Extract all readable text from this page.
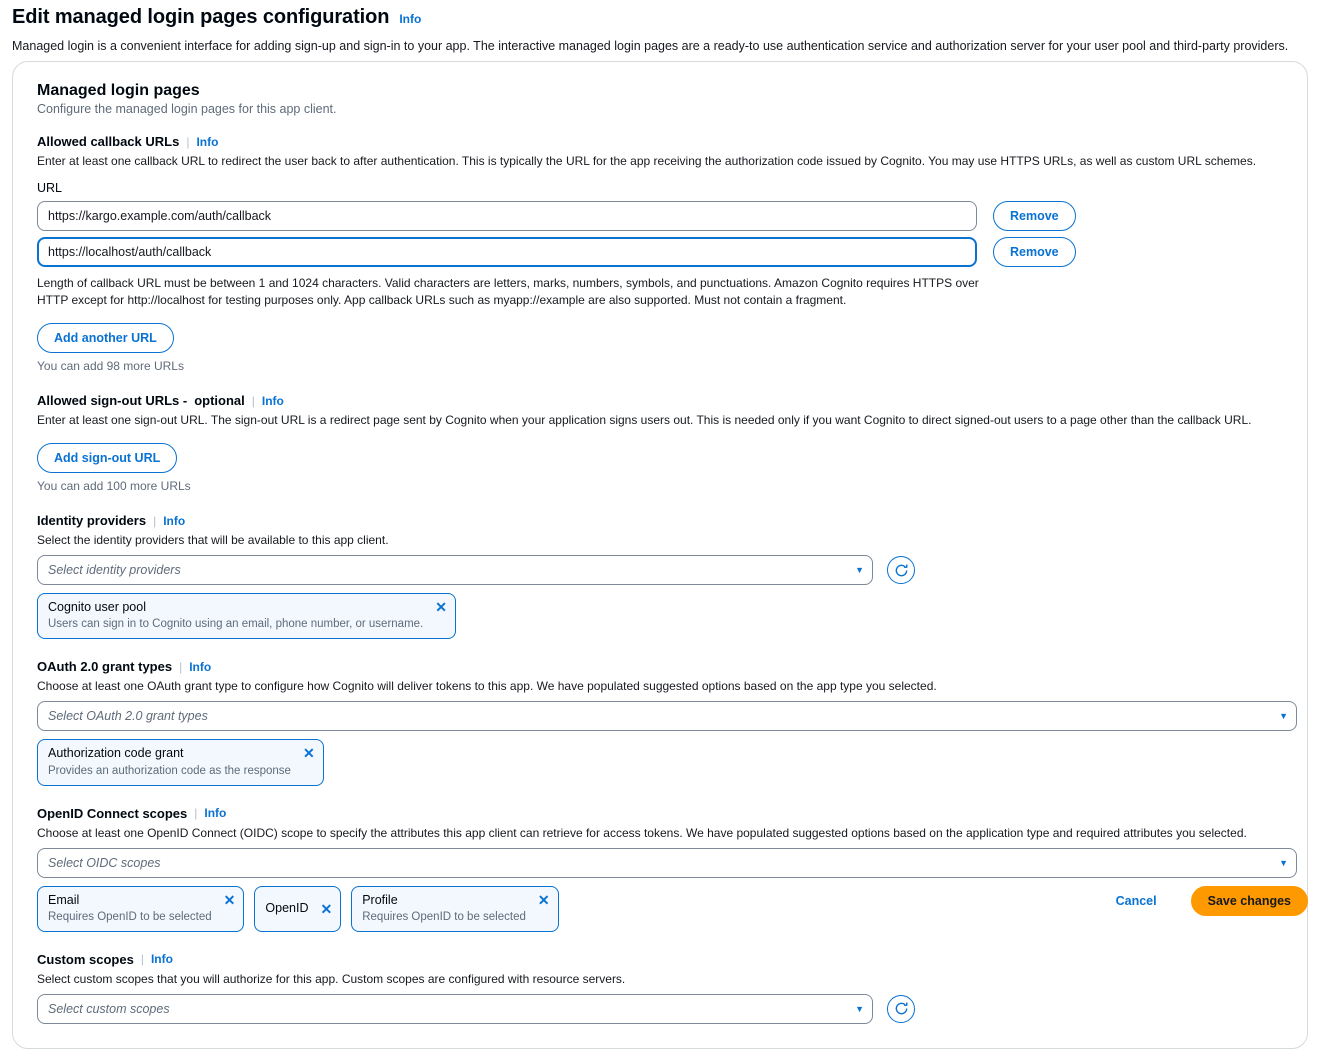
Edit managed login pages configuration Info
Managed login is a convenient interface for adding sign-up and sign-in to your app. The interactive managed login pages are a ready-to use authentication service and authorization server for your user pool and third-party providers.
Managed login pages
Configure the managed login pages for this app client.
Allowed callback URLs | Info
Enter at least one callback URL to redirect the user back to after authentication. This is typically the URL for the app receiving the authorization code issued by Cognito. You may use HTTPS URLs, as well as custom URL schemes.
URL
https://kargo.example.com/auth/callback
Remove
https://localhost/auth/callback
Remove
Length of callback URL must be between 1 and 1024 characters. Valid characters are letters, marks, numbers, symbols, and punctuations. Amazon Cognito requires HTTPS over HTTP except for http://localhost for testing purposes only. App callback URLs such as myapp://example are also supported. Must not contain a fragment.
Add another URL
You can add 98 more URLs
Allowed sign-out URLs - optional | Info
Enter at least one sign-out URL. The sign-out URL is a redirect page sent by Cognito when your application signs users out. This is needed only if you want Cognito to direct signed-out users to a page other than the callback URL.
Add sign-out URL
You can add 100 more URLs
Identity providers | Info
Select the identity providers that will be available to this app client.
Select identity providers	▼
Cognito user pool
Users can sign in to Cognito using an email, phone number, or username.
✕
OAuth 2.0 grant types | Info
Choose at least one OAuth grant type to configure how Cognito will deliver tokens to this app. We have populated suggested options based on the app type you selected.
Select OAuth 2.0 grant types	▼
Authorization code grant
Provides an authorization code as the response
✕
OpenID Connect scopes | Info
Choose at least one OpenID Connect (OIDC) scope to specify the attributes this app client can retrieve for access tokens. We have populated suggested options based on the application type and required attributes you selected.
Select OIDC scopes	▼
Email
Requires OpenID to be selected
✕
OpenID ✕
Profile
Requires OpenID to be selected
✕
Custom scopes | Info
Select custom scopes that you will authorize for this app. Custom scopes are configured with resource servers.
Select custom scopes	▼
Cancel	Save changes
